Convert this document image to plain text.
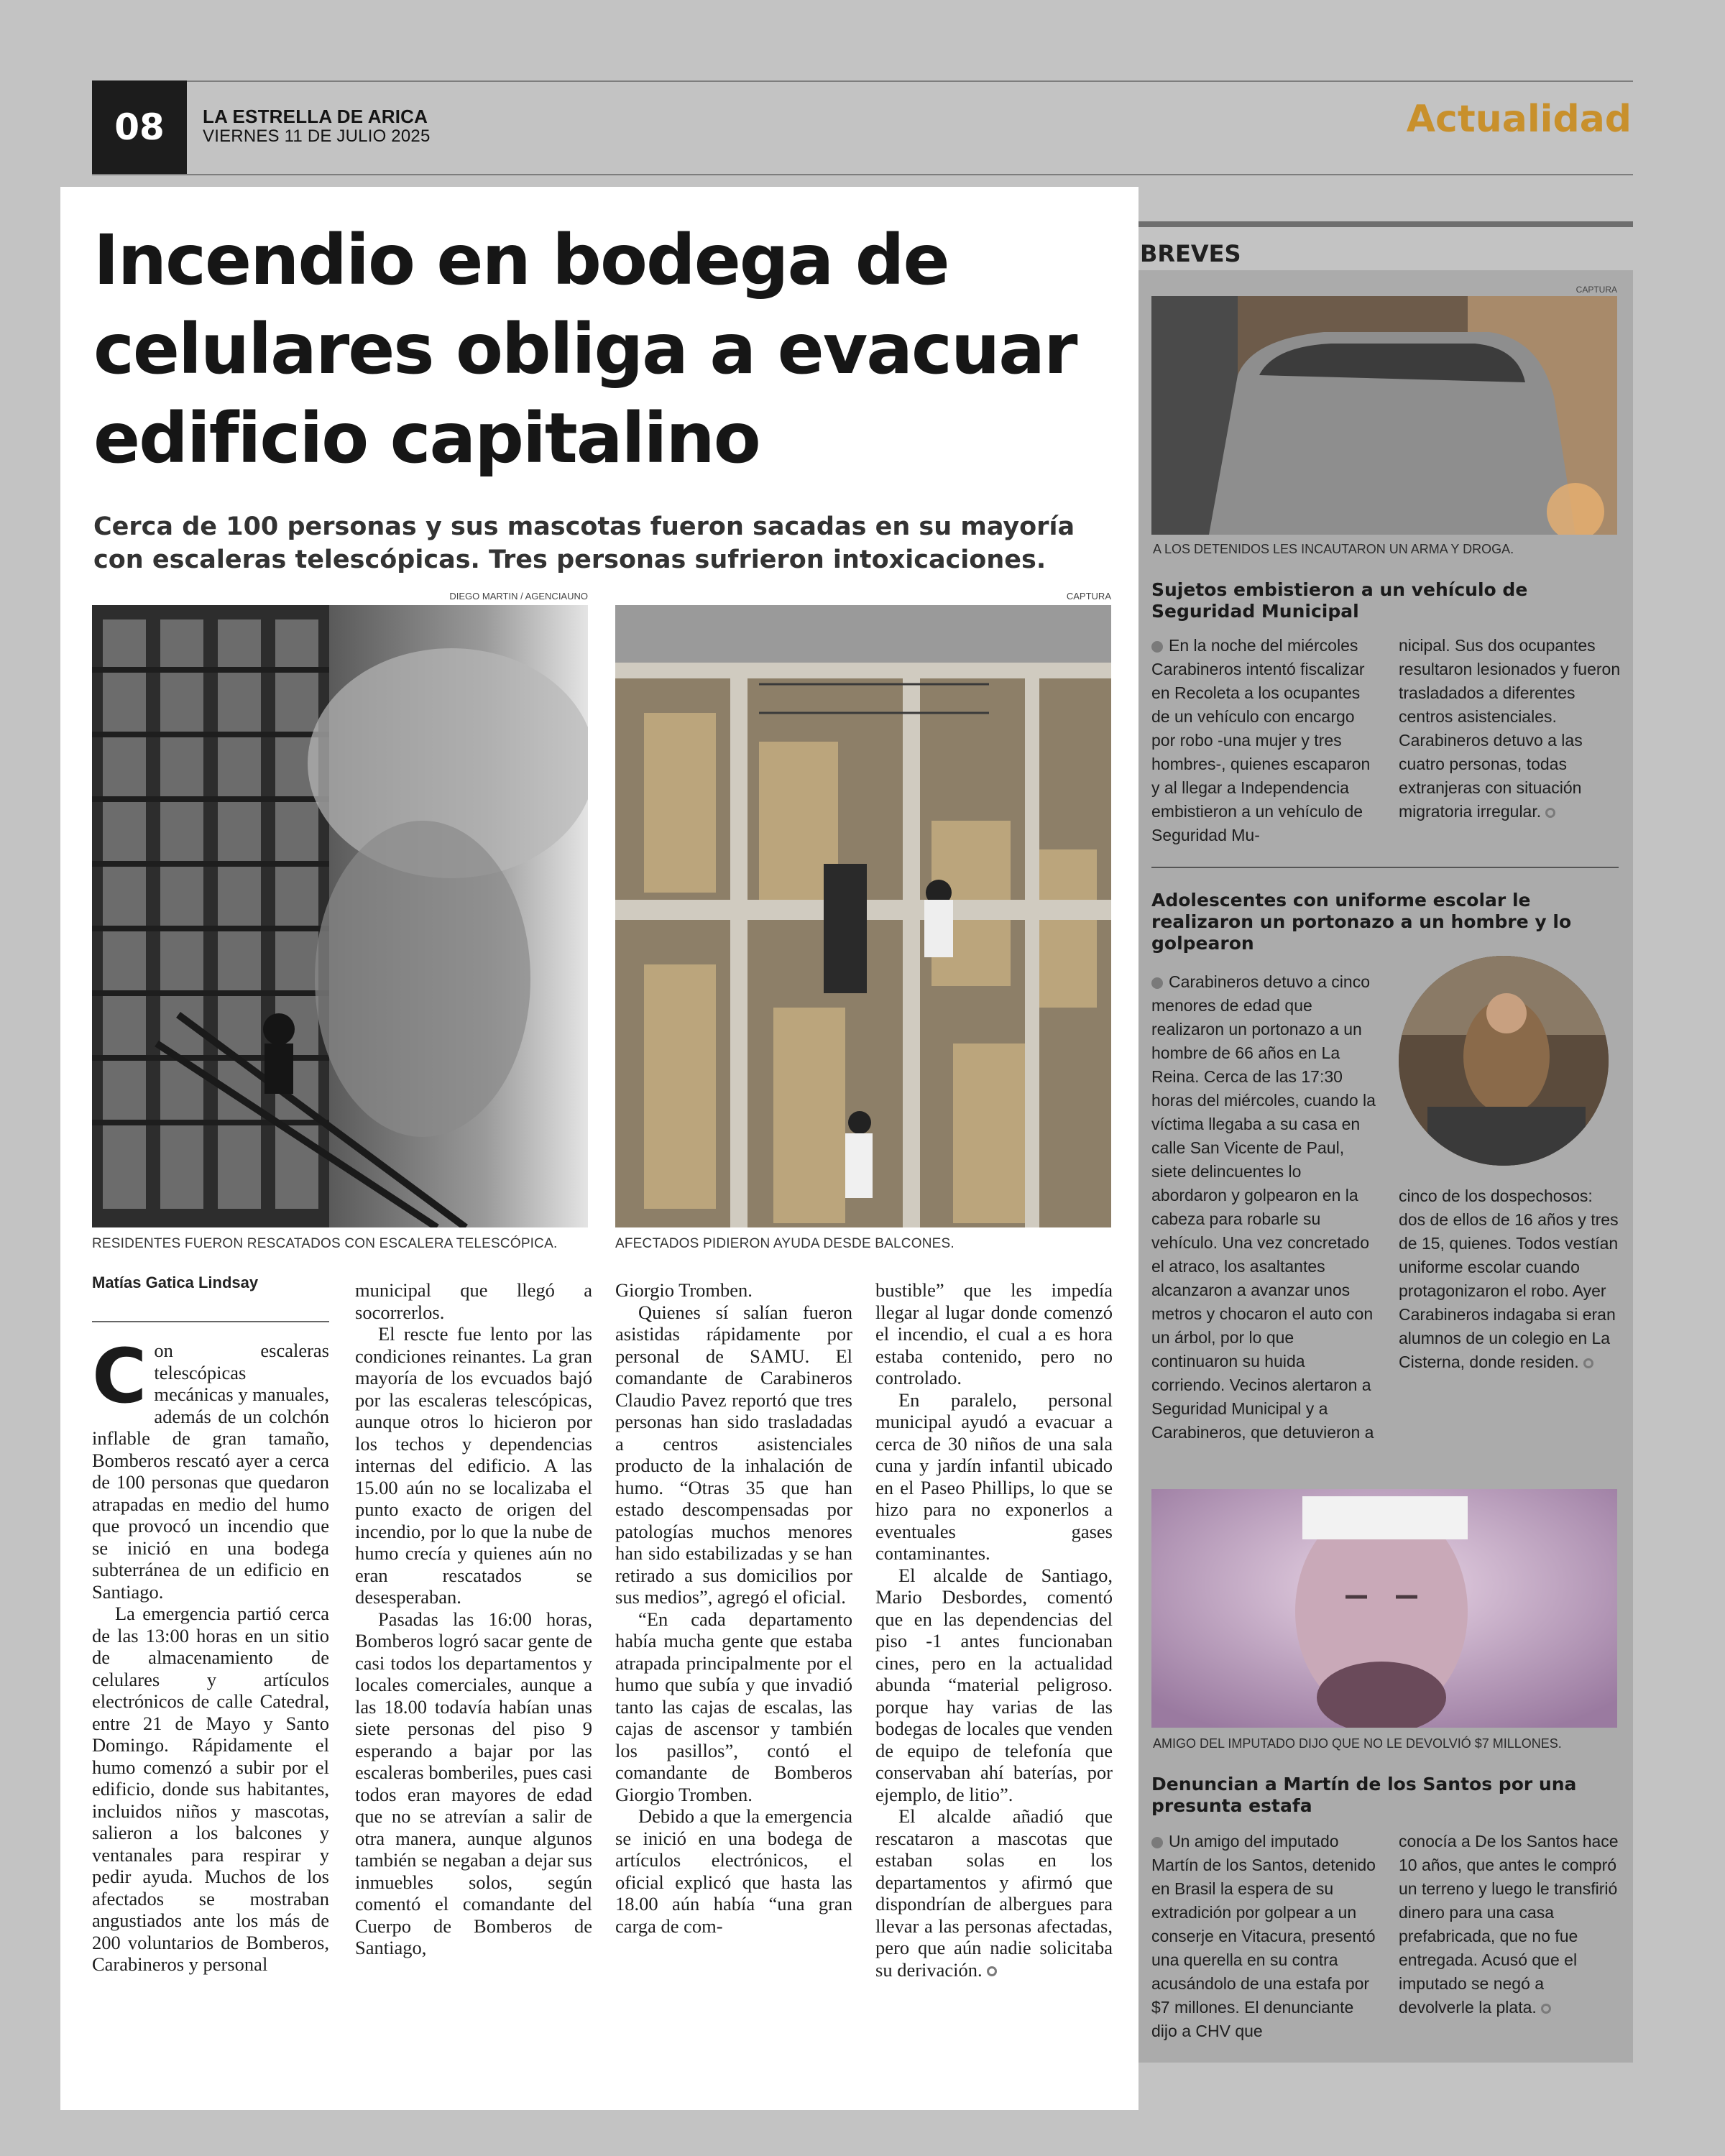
08	LA ESTRELLA DE ARICA
VIERNES 11 DE JULIO 2025	Actualidad
Incendio en bodega de celulares obliga a evacuar edificio capitalino

Cerca de 100 personas y sus mascotas fueron sacadas en su mayoría con escaleras telescópicas. Tres personas sufrieron intoxicaciones.

DIEGO MARTIN / AGENCIAUNO
RESIDENTES FUERON RESCATADOS CON ESCALERA TELESCÓPICA.
CAPTURA
AFECTADOS PIDIERON AYUDA DESDE BALCONES.
Matías Gatica Lindsay

Con escaleras telescópicas mecánicas y manuales, además de un colchón inflable de gran tamaño, Bomberos rescató ayer a cerca de 100 personas que quedaron atrapadas en medio del humo que provocó un incendio que se inició en una bodega subterránea de un edificio en Santiago.

La emergencia partió cerca de las 13:00 horas en un sitio de almacenamiento de celulares y artículos electrónicos de calle Catedral, entre 21 de Mayo y Santo Domingo. Rápidamente el humo comenzó a subir por el edificio, donde sus habitantes, incluidos niños y mascotas, salieron a los balcones y ventanales para respirar y pedir ayuda. Muchos de los afectados se mostraban angustiados ante los más de 200 voluntarios de Bomberos, Carabineros y personal

municipal que llegó a socorrerlos.

El rescte fue lento por las condiciones reinantes. La gran mayoría de los evcuados bajó por las escaleras telescópicas, aunque otros lo hicieron por los techos y dependencias internas del edificio. A las 15.00 aún no se localizaba el punto exacto de origen del incendio, por lo que la nube de humo crecía y quienes aún no eran rescatados se desesperaban.

Pasadas las 16:00 horas, Bomberos logró sacar gente de casi todos los departamentos y locales comerciales, aunque a las 18.00 todavía habían unas siete personas del piso 9 esperando a bajar por las escaleras bomberiles, pues casi todos eran mayores de edad que no se atrevían a salir de otra manera, aunque algunos también se negaban a dejar sus inmuebles solos, según comentó el comandante del Cuerpo de Bomberos de Santiago,

Giorgio Tromben.

Quienes sí salían fueron asistidas rápidamente por personal de SAMU. El comandante de Carabineros Claudio Pavez reportó que tres personas han sido trasladadas a centros asistenciales producto de la inhalación de humo. “Otras 35 que han estado descompensadas por patologías muchos menores han sido estabilizadas y se han retirado a sus domicilios por sus medios”, agregó el oficial.

“En cada departamento había mucha gente que estaba atrapada principalmente por el humo que subía y que invadió tanto las cajas de escalas, las cajas de ascensor y también los pasillos”, contó el comandante de Bomberos Giorgio Tromben.

Debido a que la emergencia se inició en una bodega de artículos electrónicos, el oficial explicó que hasta las 18.00 aún había “una gran carga de com-

bustible” que les impedía llegar al lugar donde comenzó el incendio, el cual a es hora estaba contenido, pero no controlado.

En paralelo, personal municipal ayudó a evacuar a cerca de 30 niños de una sala cuna y jardín infantil ubicado en el Paseo Phillips, lo que se hizo para no exponerlos a eventuales gases contaminantes.

El alcalde de Santiago, Mario Desbordes, comentó que en las dependencias del piso -1 antes funcionaban cines, pero en la actualidad abunda “material peligroso. porque hay varias de las bodegas de locales que venden de equipo de telefonía que conservaban ahí baterías, por ejemplo, de litio”.

El alcalde añadió que rescataron a mascotas que estaban solas en los departamentos y afirmó que dispondrían de albergues para llevar a las personas afectadas, pero que aún nadie solicitaba su derivación.

BREVES
CAPTURA
A LOS DETENIDOS LES INCAUTARON UN ARMA Y DROGA.
Sujetos embistieron a un vehículo de Seguridad Municipal

En la noche del miércoles Carabineros intentó fiscalizar en Recoleta a los ocupantes de un vehículo con encargo por robo -una mujer y tres hombres-, quienes escaparon y al llegar a Independencia embistieron a un vehículo de Seguridad Mu-

nicipal. Sus dos ocupantes resultaron lesionados y fueron trasladados a diferentes centros asistenciales. Carabineros detuvo a las cuatro personas, todas extranjeras con situación migratoria irregular.

Adolescentes con uniforme escolar le realizaron un portonazo a un hombre y lo golpearon

Carabineros detuvo a cinco menores de edad que realizaron un portonazo a un hombre de 66 años en La Reina. Cerca de las 17:30 horas del miércoles, cuando la víctima llegaba a su casa en calle San Vicente de Paul, siete delincuentes lo abordaron y golpearon en la cabeza para robarle su vehículo. Una vez concretado el atraco, los asaltantes alcanzaron a avanzar unos metros y chocaron el auto con un árbol, por lo que continuaron su huida corriendo. Vecinos alertaron a Seguridad Municipal y a Carabineros, que detuvieron a

cinco de los dospechosos: dos de ellos de 16 años y tres de 15, quienes. Todos vestían uniforme escolar cuando protagonizaron el robo. Ayer Carabineros indagaba si eran alumnos de un colegio en La Cisterna, donde residen.

AMIGO DEL IMPUTADO DIJO QUE NO LE DEVOLVIÓ $7 MILLONES.
Denuncian a Martín de los Santos por una presunta estafa

Un amigo del imputado Martín de los Santos, detenido en Brasil la espera de su extradición por golpear a un conserje en Vitacura, presentó una querella en su contra acusándolo de una estafa por $7 millones. El denunciante dijo a CHV que

conocía a De los Santos hace 10 años, que antes le compró un terreno y luego le transfirió dinero para una casa prefabricada, que no fue entregada. Acusó que el imputado se negó a devolverle la plata.
